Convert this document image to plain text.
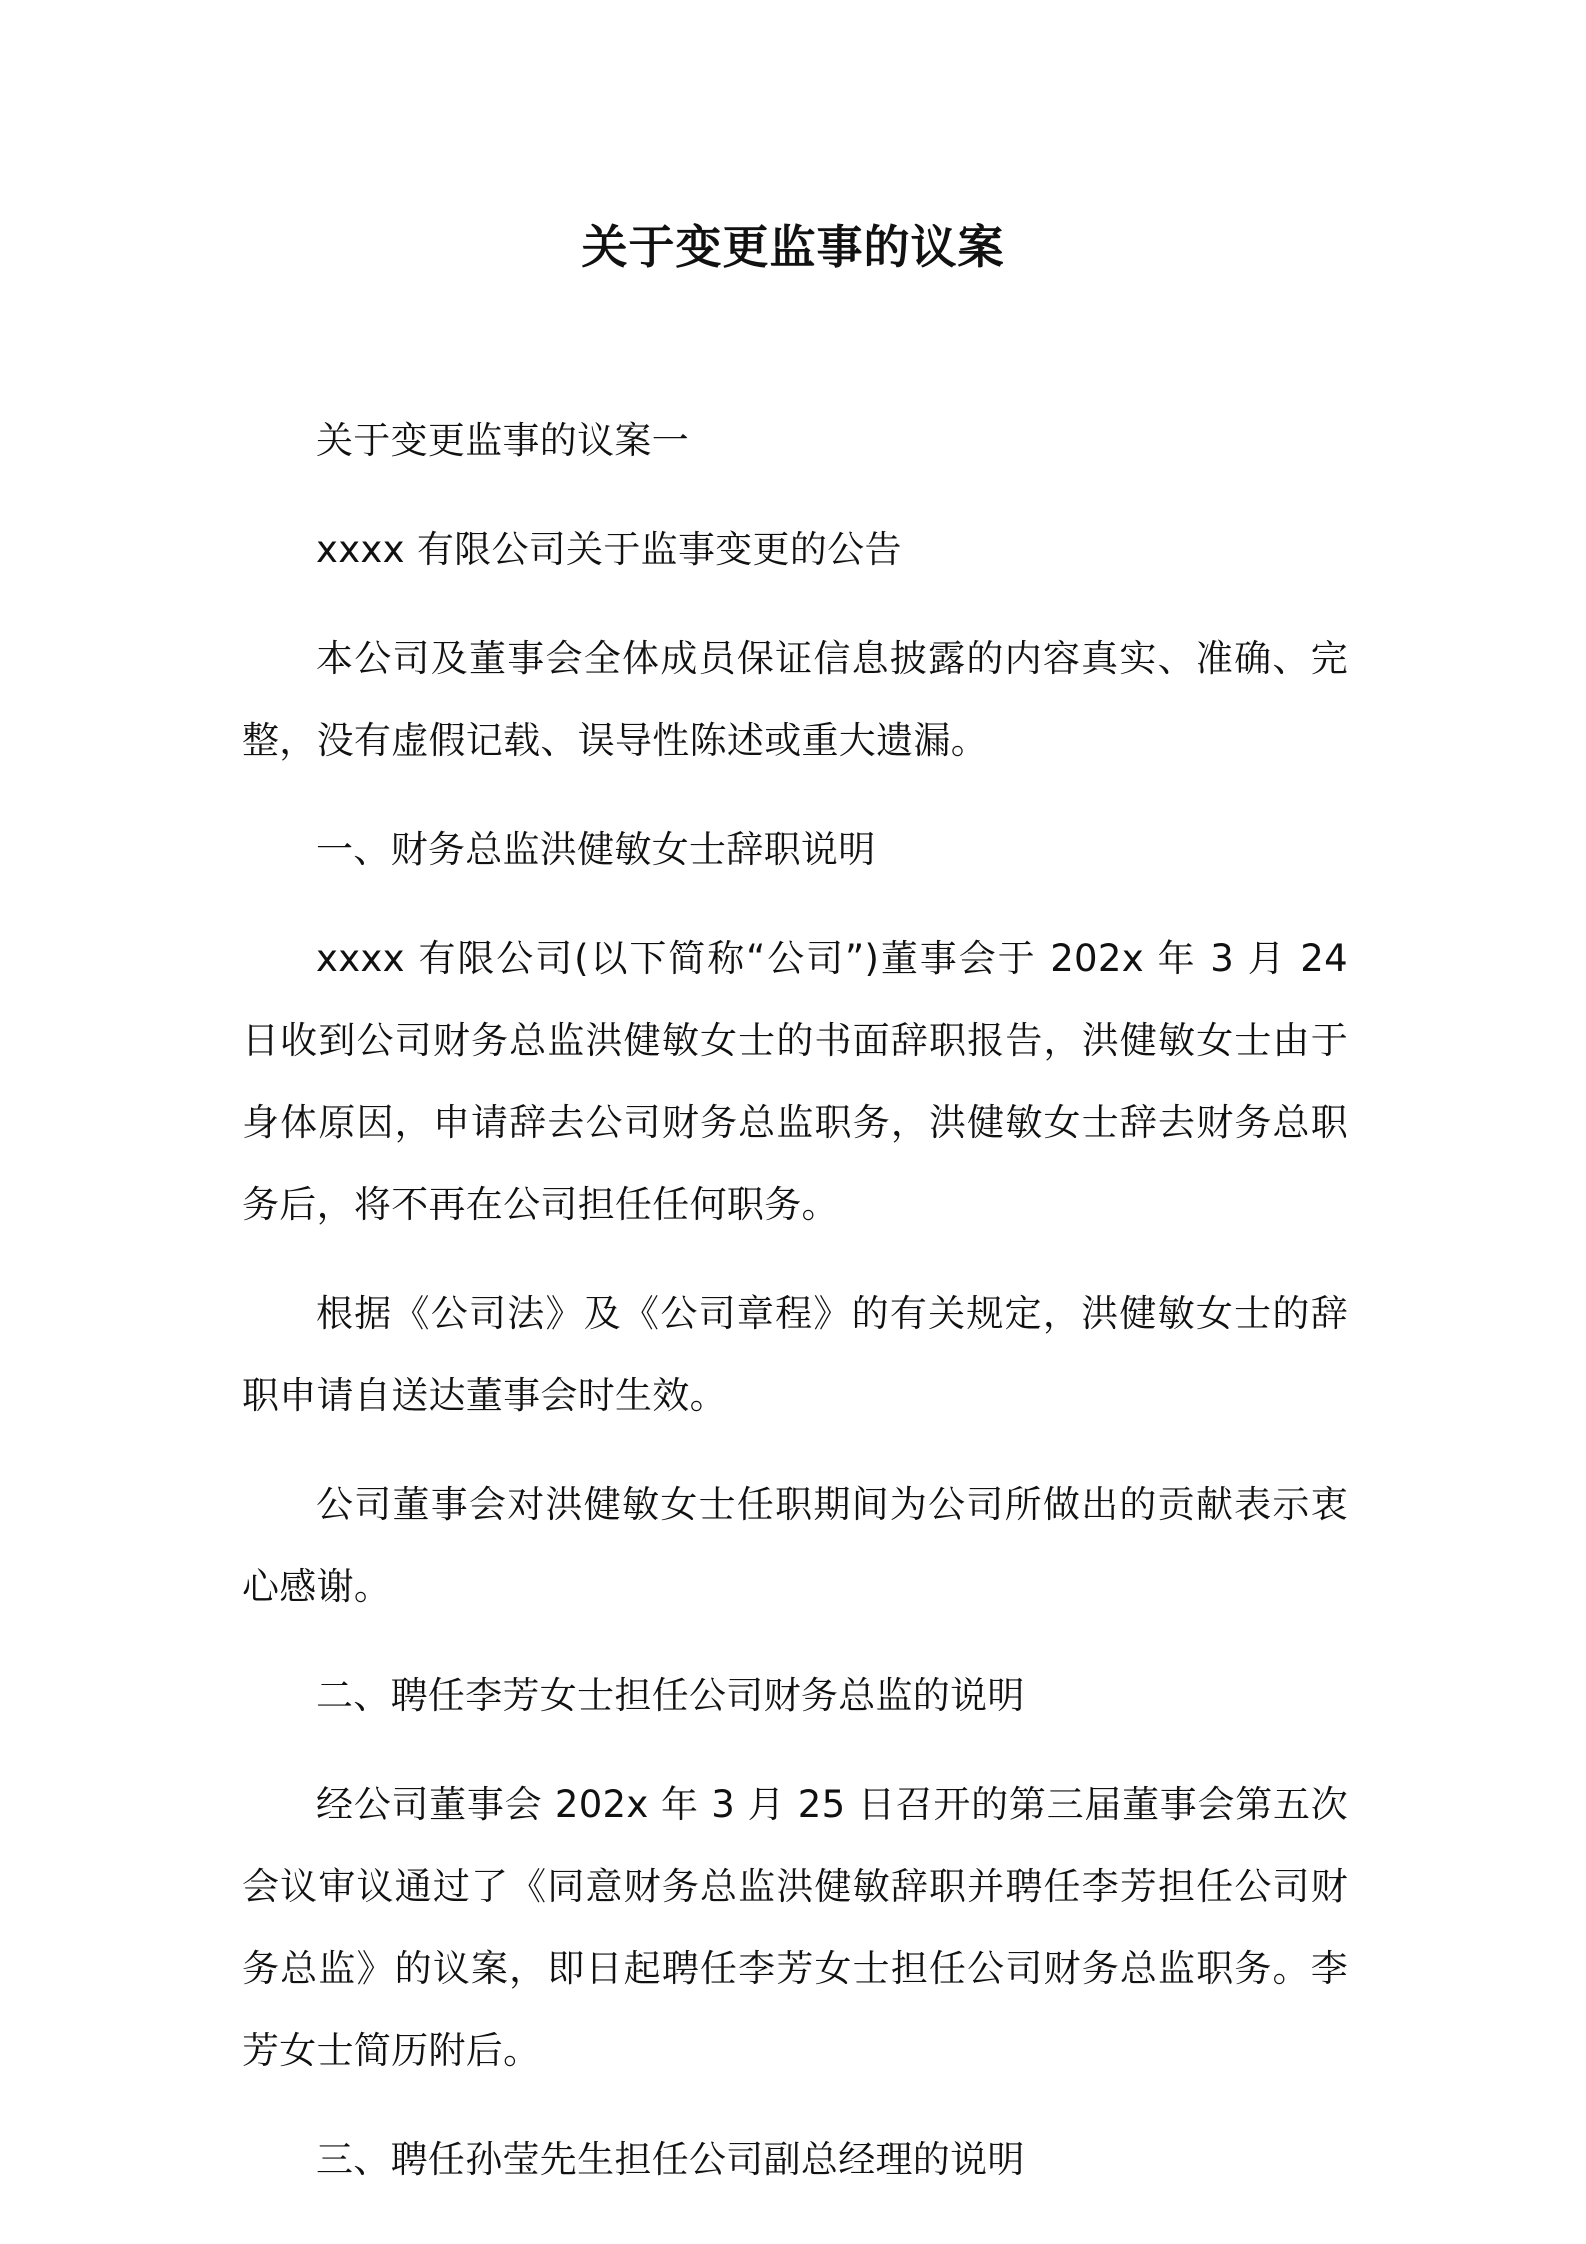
关于变更监事的议案

关于变更监事的议案一

xxxx 有限公司关于监事变更的公告

本公司及董事会全体成员保证信息披露的内容真实、准确、完整，没有虚假记载、误导性陈述或重大遗漏。

一、财务总监洪健敏女士辞职说明

xxxx 有限公司(以下简称“公司”)董事会于 202x 年 3 月 24 日收到公司财务总监洪健敏女士的书面辞职报告，洪健敏女士由于身体原因，申请辞去公司财务总监职务，洪健敏女士辞去财务总职务后，将不再在公司担任任何职务。

根据《公司法》及《公司章程》的有关规定，洪健敏女士的辞职申请自送达董事会时生效。

公司董事会对洪健敏女士任职期间为公司所做出的贡献表示衷心感谢。

二、聘任李芳女士担任公司财务总监的说明

经公司董事会 202x 年 3 月 25 日召开的第三届董事会第五次会议审议通过了《同意财务总监洪健敏辞职并聘任李芳担任公司财务总监》的议案，即日起聘任李芳女士担任公司财务总监职务。李芳女士简历附后。

三、聘任孙莹先生担任公司副总经理的说明
